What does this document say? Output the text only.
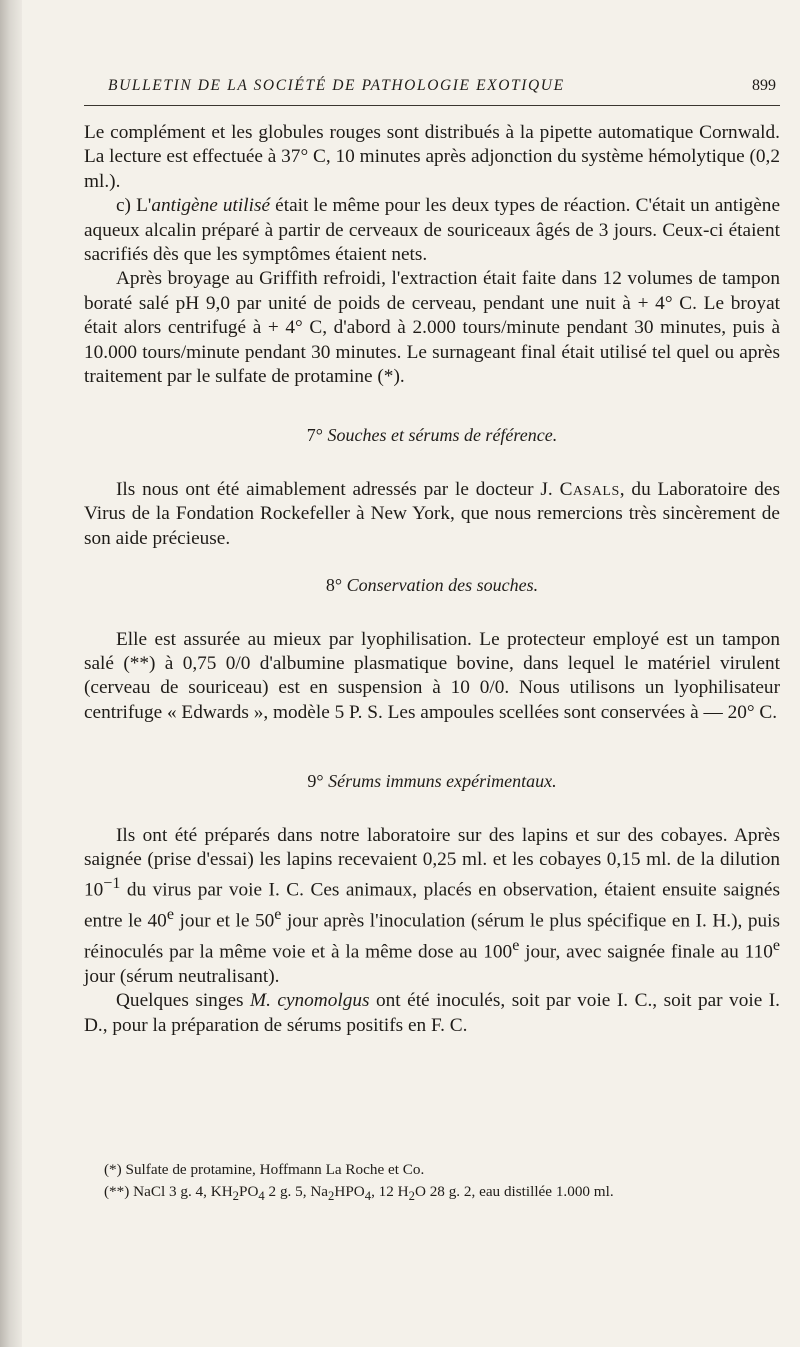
BULLETIN DE LA SOCIÉTÉ DE PATHOLOGIE EXOTIQUE	899

Le complément et les globules rouges sont distribués à la pipette automatique Cornwald. La lecture est effectuée à 37° C, 10 minutes après adjonction du système hémolytique (0,2 ml.).

c) L'antigène utilisé était le même pour les deux types de réaction. C'était un antigène aqueux alcalin préparé à partir de cerveaux de souriceaux âgés de 3 jours. Ceux-ci étaient sacrifiés dès que les symptômes étaient nets.

Après broyage au Griffith refroidi, l'extraction était faite dans 12 volumes de tampon boraté salé pH 9,0 par unité de poids de cerveau, pendant une nuit à + 4° C. Le broyat était alors centrifugé à + 4° C, d'abord à 2.000 tours/minute pendant 30 minutes, puis à 10.000 tours/minute pendant 30 minutes. Le surnageant final était utilisé tel quel ou après traitement par le sulfate de protamine (*).

7° Souches et sérums de référence.

Ils nous ont été aimablement adressés par le docteur J. Casals, du Laboratoire des Virus de la Fondation Rockefeller à New York, que nous remercions très sincèrement de son aide précieuse.

8° Conservation des souches.

Elle est assurée au mieux par lyophilisation. Le protecteur employé est un tampon salé (**) à 0,75 0/0 d'albumine plasmatique bovine, dans lequel le matériel virulent (cerveau de souriceau) est en suspension à 10 0/0. Nous utilisons un lyophilisateur centrifuge « Edwards », modèle 5 P. S. Les ampoules scellées sont conservées à — 20° C.

9° Sérums immuns expérimentaux.

Ils ont été préparés dans notre laboratoire sur des lapins et sur des cobayes. Après saignée (prise d'essai) les lapins recevaient 0,25 ml. et les cobayes 0,15 ml. de la dilution $10^{-1}$ du virus par voie I. C. Ces animaux, placés en observation, étaient ensuite saignés entre le 40e jour et le 50e jour après l'inoculation (sérum le plus spécifique en I. H.), puis réinoculés par la même voie et à la même dose au 100e jour, avec saignée finale au 110e jour (sérum neutralisant).

Quelques singes M. cynomolgus ont été inoculés, soit par voie I. C., soit par voie I. D., pour la préparation de sérums positifs en F. C.

(*) Sulfate de protamine, Hoffmann La Roche et Co.

(**) NaCl 3 g. 4, $KH_2PO_4$ 2 g. 5, $Na_2HPO_4$, 12 $H_2O$ 28 g. 2, eau distillée 1.000 ml.
